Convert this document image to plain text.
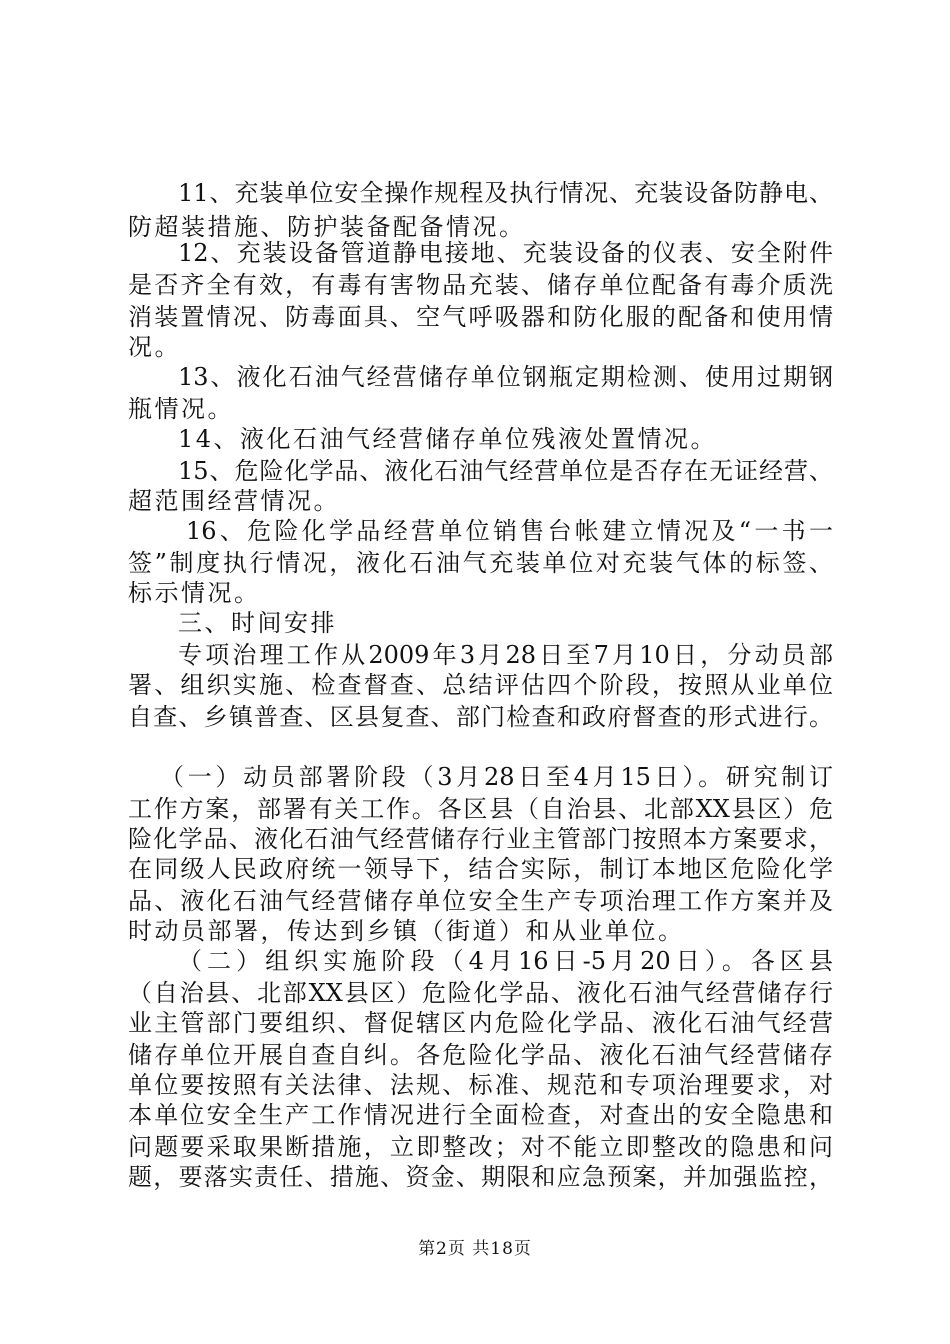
11、充装单位安全操作规程及执行情况、充装设备防静电、
防超装措施、防护装备配备情况。
12、充装设备管道静电接地、充装设备的仪表、安全附件
是否齐全有效，有毒有害物品充装、储存单位配备有毒介质洗
消装置情况、防毒面具、空气呼吸器和防化服的配备和使用情
况。
13、液化石油气经营储存单位钢瓶定期检测、使用过期钢
瓶情况。
14、液化石油气经营储存单位残液处置情况。
15、危险化学品、液化石油气经营单位是否存在无证经营、
超范围经营情况。
16、危险化学品经营单位销售台帐建立情况及“一书一
签”制度执行情况，液化石油气充装单位对充装气体的标签、
标示情况。
三、时间安排
专项治理工作从2009年3月28日至7月10日，分动员部
署、组织实施、检查督查、总结评估四个阶段，按照从业单位
自查、乡镇普查、区县复查、部门检查和政府督查的形式进行。
（一）动员部署阶段（3月28日至4月15日）。研究制订
工作方案，部署有关工作。各区县（自治县、北部XX县区）危
险化学品、液化石油气经营储存行业主管部门按照本方案要求，
在同级人民政府统一领导下，结合实际，制订本地区危险化学
品、液化石油气经营储存单位安全生产专项治理工作方案并及
时动员部署，传达到乡镇（街道）和从业单位。
（二）组织实施阶段（4月16日-5月20日）。各区县
（自治县、北部XX县区）危险化学品、液化石油气经营储存行
业主管部门要组织、督促辖区内危险化学品、液化石油气经营
储存单位开展自查自纠。各危险化学品、液化石油气经营储存
单位要按照有关法律、法规、标准、规范和专项治理要求，对
本单位安全生产工作情况进行全面检查，对查出的安全隐患和
问题要采取果断措施，立即整改；对不能立即整改的隐患和问
题，要落实责任、措施、资金、期限和应急预案，并加强监控，
第2页 共18页
